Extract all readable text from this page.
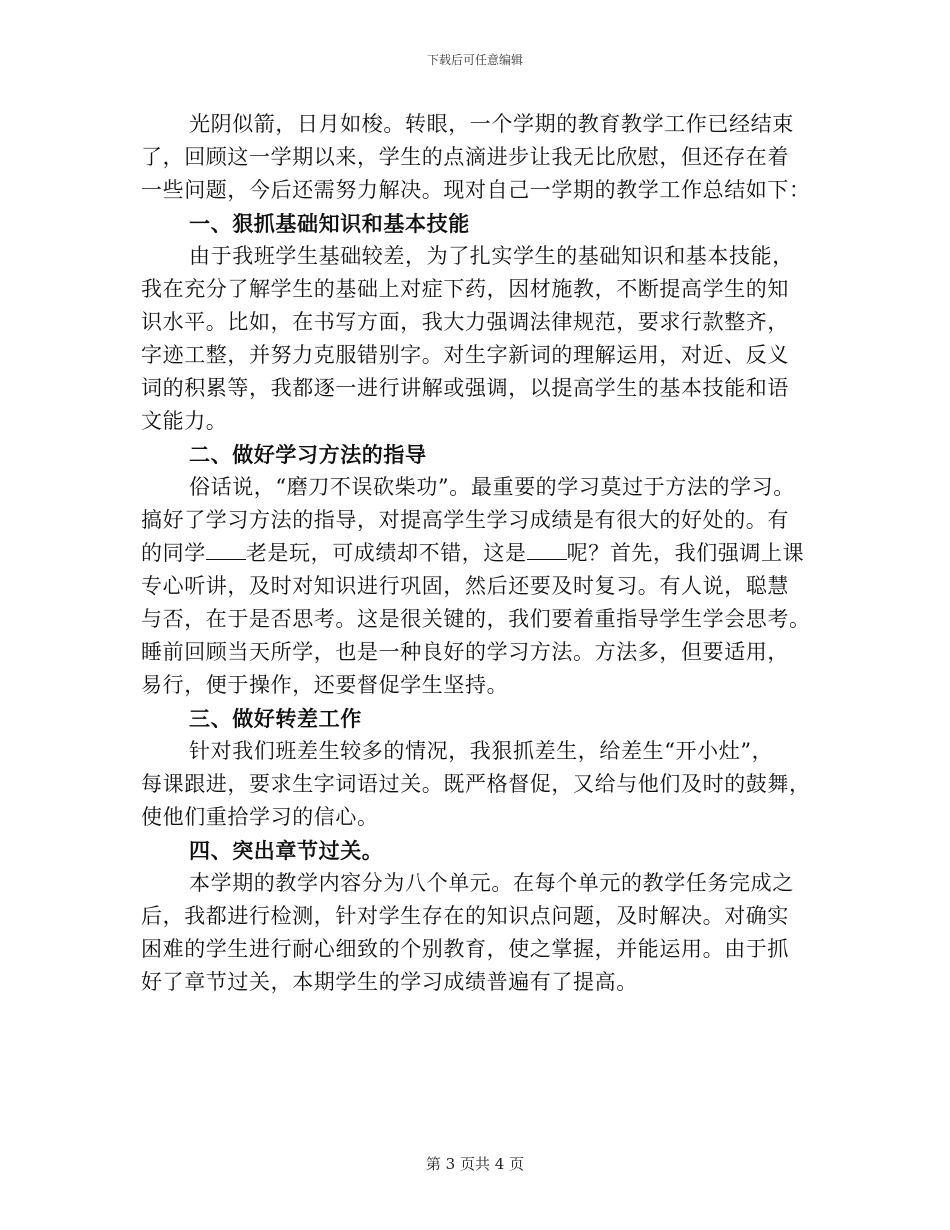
下载后可任意编辑
光阴似箭，日月如梭。转眼，一个学期的教育教学工作已经结束
了，回顾这一学期以来，学生的点滴进步让我无比欣慰，但还存在着
一些问题，今后还需努力解决。现对自己一学期的教学工作总结如下：
一、狠抓基础知识和基本技能
由于我班学生基础较差，为了扎实学生的基础知识和基本技能，
我在充分了解学生的基础上对症下药，因材施教，不断提高学生的知
识水平。比如，在书写方面，我大力强调法律规范，要求行款整齐，
字迹工整，并努力克服错别字。对生字新词的理解运用，对近、反义
词的积累等，我都逐一进行讲解或强调，以提高学生的基本技能和语
文能力。
二、做好学习方法的指导
俗话说，“磨刀不误砍柴功”。最重要的学习莫过于方法的学习。
搞好了学习方法的指导，对提高学生学习成绩是有很大的好处的。有
的同学 老是玩，可成绩却不错，这是 呢？首先，我们强调上课
专心听讲，及时对知识进行巩固，然后还要及时复习。有人说，聪慧
与否，在于是否思考。这是很关键的，我们要着重指导学生学会思考。
睡前回顾当天所学，也是一种良好的学习方法。方法多，但要适用，
易行，便于操作，还要督促学生坚持。
三、做好转差工作
针对我们班差生较多的情况，我狠抓差生，给差生“开小灶”，
每课跟进，要求生字词语过关。既严格督促，又给与他们及时的鼓舞，
使他们重拾学习的信心。
四、突出章节过关。
本学期的教学内容分为八个单元。在每个单元的教学任务完成之
后，我都进行检测，针对学生存在的知识点问题，及时解决。对确实
困难的学生进行耐心细致的个别教育，使之掌握，并能运用。由于抓
好了章节过关，本期学生的学习成绩普遍有了提高。
第 3 页共 4 页
